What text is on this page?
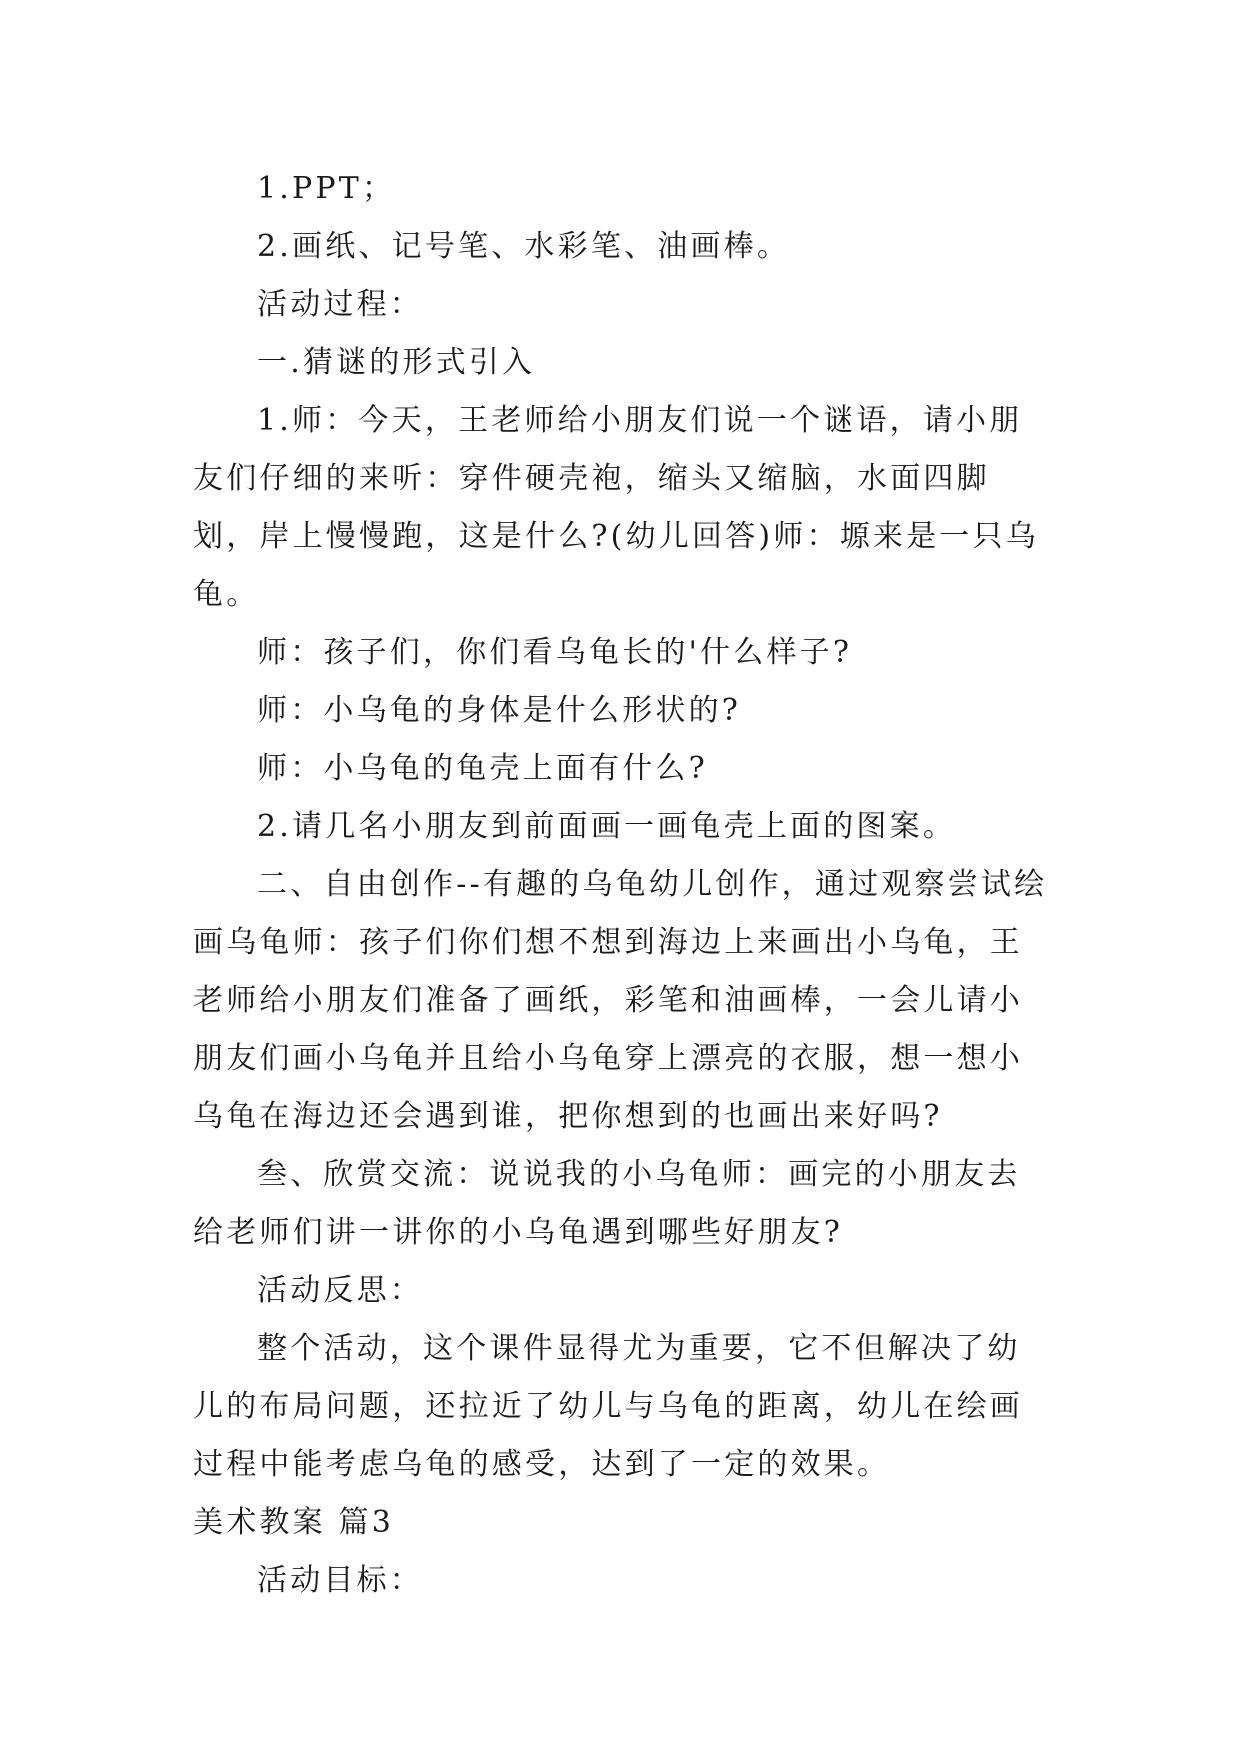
1.PPT；

2.画纸、记号笔、水彩笔、油画棒。

活动过程：

一.猜谜的形式引入

1.师：今天，王老师给小朋友们说一个谜语，请小朋友们仔细的来听：穿件硬壳袍，缩头又缩脑，水面四脚划，岸上慢慢跑，这是什么?(幼儿回答)师：塬来是一只乌龟。

师：孩子们，你们看乌龟长的'什么样子?

师：小乌龟的身体是什么形状的?

师：小乌龟的龟壳上面有什么?

2.请几名小朋友到前面画一画龟壳上面的图案。

二、自由创作--有趣的乌龟幼儿创作，通过观察尝试绘画乌龟师：孩子们你们想不想到海边上来画出小乌龟，王老师给小朋友们准备了画纸，彩笔和油画棒，一会儿请小朋友们画小乌龟并且给小乌龟穿上漂亮的衣服，想一想小乌龟在海边还会遇到谁，把你想到的也画出来好吗?

叁、欣赏交流：说说我的小乌龟师：画完的小朋友去给老师们讲一讲你的小乌龟遇到哪些好朋友?

活动反思：

整个活动，这个课件显得尤为重要，它不但解决了幼儿的布局问题，还拉近了幼儿与乌龟的距离，幼儿在绘画过程中能考虑乌龟的感受，达到了一定的效果。

美术教案 篇3

活动目标：
